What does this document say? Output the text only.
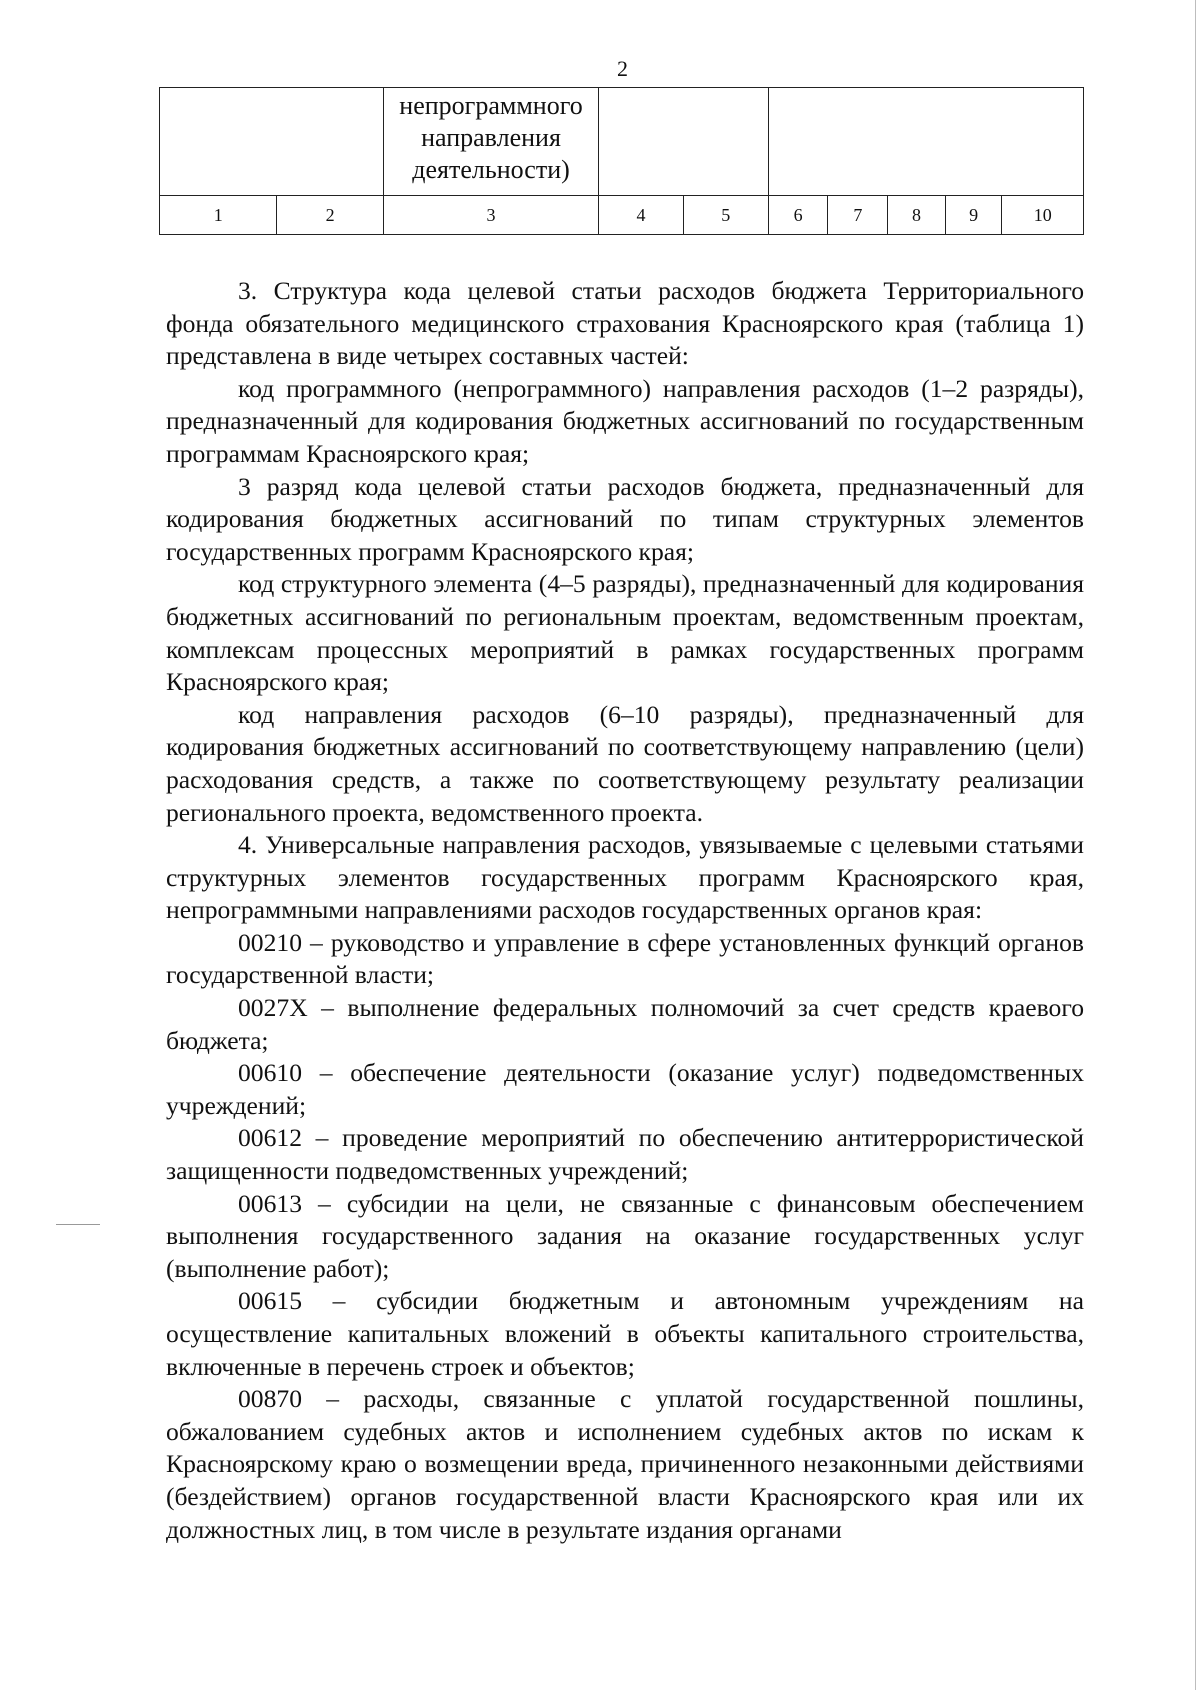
2

		непрограммного
направления
деятельности)							

1	2	3	4	5	6	7	8	9	10

3. Структура кода целевой статьи расходов бюджета Территориального фонда обязательного медицинского страхования Красноярского края (таблица 1) представлена в виде четырех составных частей:

код программного (непрограммного) направления расходов (1–2 разряды), предназначенный для кодирования бюджетных ассигнований по государственным программам Красноярского края;

3 разряд кода целевой статьи расходов бюджета, предназначенный для кодирования бюджетных ассигнований по типам структурных элементов государственных программ Красноярского края;

код структурного элемента (4–5 разряды), предназначенный для кодирования бюджетных ассигнований по региональным проектам, ведомственным проектам, комплексам процессных мероприятий в рамках государственных программ Красноярского края;

код направления расходов (6–10 разряды), предназначенный для кодирования бюджетных ассигнований по соответствующему направлению (цели) расходования средств, а также по соответствующему результату реализации регионального проекта, ведомственного проекта.

4. Универсальные направления расходов, увязываемые с целевыми статьями структурных элементов государственных программ Красноярского края, непрограммными направлениями расходов государственных органов края:

00210 – руководство и управление в сфере установленных функций органов государственной власти;

0027Х – выполнение федеральных полномочий за счет средств краевого бюджета;

00610 – обеспечение деятельности (оказание услуг) подведомственных учреждений;

00612 – проведение мероприятий по обеспечению антитеррористической защищенности подведомственных учреждений;

00613 – субсидии на цели, не связанные с финансовым обеспечением выполнения государственного задания на оказание государственных услуг (выполнение работ);

00615 – субсидии бюджетным и автономным учреждениям на осуществление капитальных вложений в объекты капитального строительства, включенные в перечень строек и объектов;

00870 – расходы, связанные с уплатой государственной пошлины, обжалованием судебных актов и исполнением судебных актов по искам к Красноярскому краю о возмещении вреда, причиненного незаконными действиями (бездействием) органов государственной власти Красноярского края или их должностных лиц, в том числе в результате издания органами
